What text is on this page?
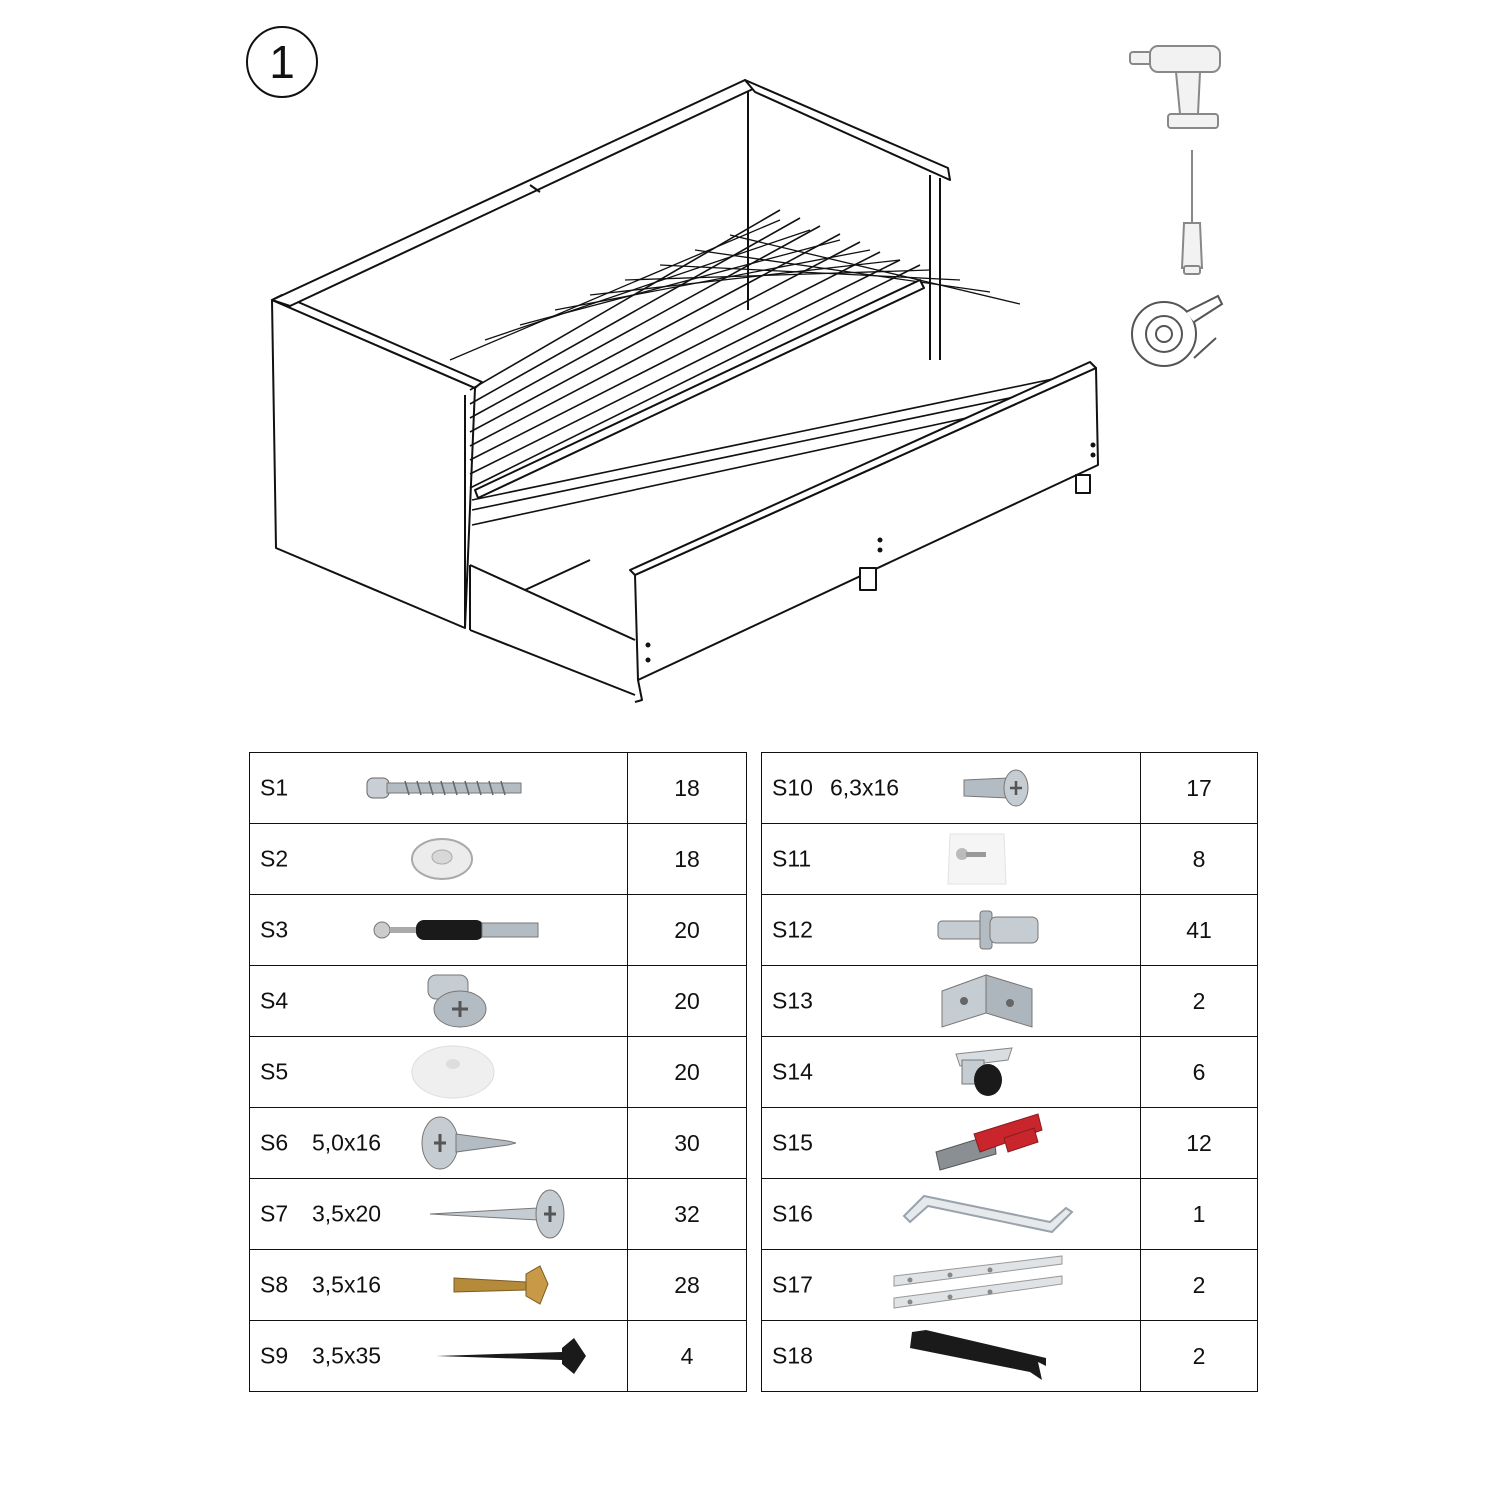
1
S1	18

S2	18

S3	20

S4	20

S5	20

S6 5,0x16	30

S7 3,5x20	32

S8 3,5x16	28

S9 3,5x35	4
S10 6,3x16	17

S11	8

S12	41

S13	2

S14	6

S15	12

S16	1

S17	2

S18	2
